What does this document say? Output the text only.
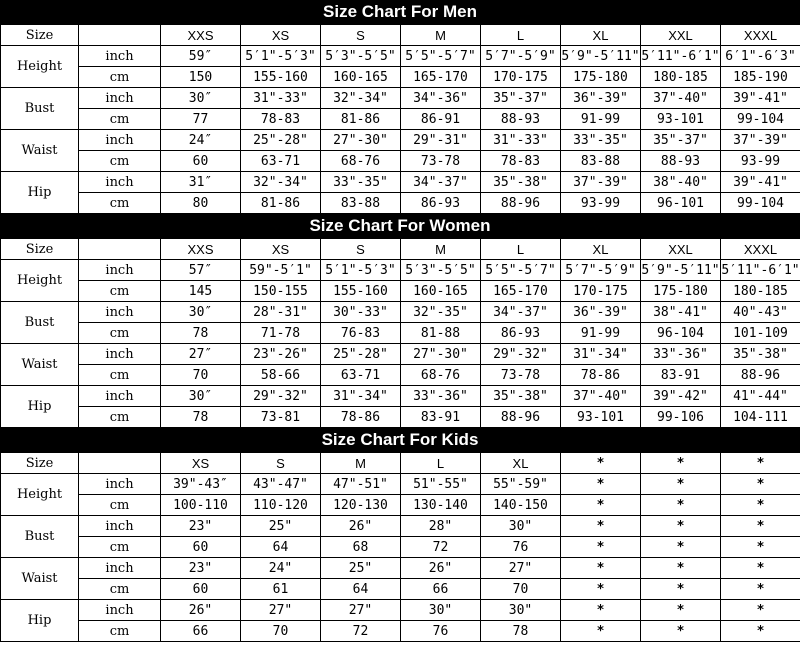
Size Chart For Men
Size		XXS	XS	S	M	L	XL	XXL	XXXL
Height	inch	59″	5′1"-5′3"	5′3"-5′5"	5′5"-5′7"	5′7"-5′9"	5′9"-5′11"	5′11"-6′1"	6′1"-6′3"
	cm	150	155-160	160-165	165-170	170-175	175-180	180-185	185-190
Bust	inch	30″	31"-33"	32"-34"	34"-36"	35"-37"	36"-39"	37"-40"	39"-41"
	cm	77	78-83	81-86	86-91	88-93	91-99	93-101	99-104
Waist	inch	24″	25"-28"	27"-30"	29"-31"	31"-33"	33"-35"	35"-37"	37"-39"
	cm	60	63-71	68-76	73-78	78-83	83-88	88-93	93-99
Hip	inch	31″	32"-34"	33"-35"	34"-37"	35"-38"	37"-39"	38"-40"	39"-41"
	cm	80	81-86	83-88	86-93	88-96	93-99	96-101	99-104
Size Chart For Women
Size		XXS	XS	S	M	L	XL	XXL	XXXL
Height	inch	57″	59"-5′1"	5′1"-5′3"	5′3"-5′5"	5′5"-5′7"	5′7"-5′9"	5′9"-5′11"	5′11"-6′1"
	cm	145	150-155	155-160	160-165	165-170	170-175	175-180	180-185
Bust	inch	30″	28"-31"	30"-33"	32"-35"	34"-37"	36"-39"	38"-41"	40"-43"
	cm	78	71-78	76-83	81-88	86-93	91-99	96-104	101-109
Waist	inch	27″	23"-26"	25"-28"	27"-30"	29"-32"	31"-34"	33"-36"	35"-38"
	cm	70	58-66	63-71	68-76	73-78	78-86	83-91	88-96
Hip	inch	30″	29"-32"	31"-34"	33"-36"	35"-38"	37"-40"	39"-42"	41"-44"
	cm	78	73-81	78-86	83-91	88-96	93-101	99-106	104-111
Size Chart For Kids
Size		XS	S	M	L	XL	*	*	*
Height	inch	39"-43″	43"-47"	47"-51"	51"-55"	55"-59"	*	*	*
	cm	100-110	110-120	120-130	130-140	140-150	*	*	*
Bust	inch	23"	25"	26"	28"	30"	*	*	*
	cm	60	64	68	72	76	*	*	*
Waist	inch	23"	24"	25"	26"	27"	*	*	*
	cm	60	61	64	66	70	*	*	*
Hip	inch	26"	27"	27"	30"	30"	*	*	*
	cm	66	70	72	76	78	*	*	*
